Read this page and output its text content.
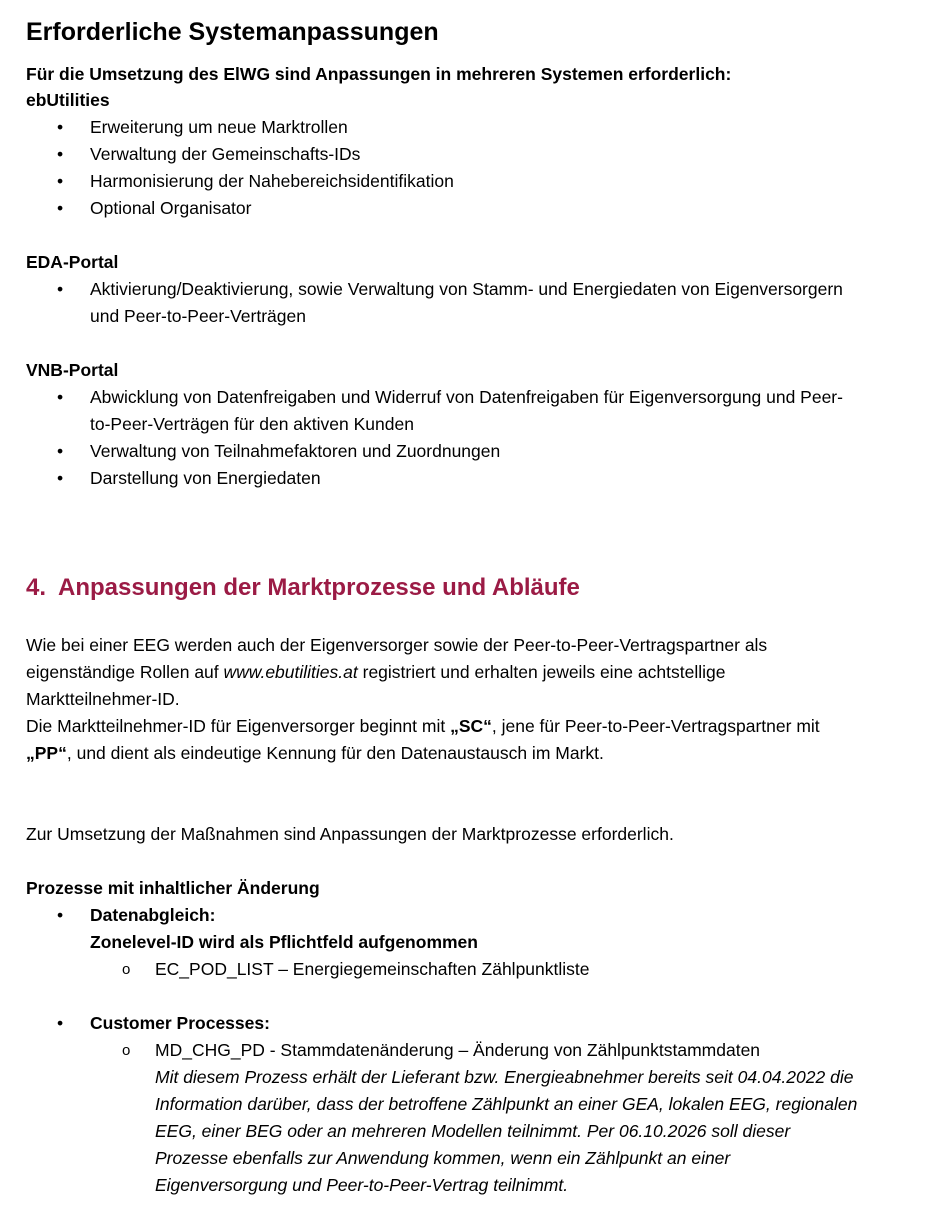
Erforderliche Systemanpassungen
Für die Umsetzung des ElWG sind Anpassungen in mehreren Systemen erforderlich:
ebUtilities
•
Erweiterung um neue Marktrollen
•
Verwaltung der Gemeinschafts-IDs
•
Harmonisierung der Nahebereichsidentifikation
•
Optional Organisator
EDA-Portal
•
Aktivierung/Deaktivierung, sowie Verwaltung von Stamm- und Energiedaten von Eigenversorgern
und Peer-to-Peer-Verträgen
VNB-Portal
•
Abwicklung von Datenfreigaben und Widerruf von Datenfreigaben für Eigenversorgung und Peer-
to-Peer-Verträgen für den aktiven Kunden
•
Verwaltung von Teilnahmefaktoren und Zuordnungen
•
Darstellung von Energiedaten
4. Anpassungen der Marktprozesse und Abläufe
Wie bei einer EEG werden auch der Eigenversorger sowie der Peer-to-Peer-Vertragspartner als
eigenständige Rollen auf www.ebutilities.at registriert und erhalten jeweils eine achtstellige
Marktteilnehmer-ID.
Die Marktteilnehmer-ID für Eigenversorger beginnt mit „SC“, jene für Peer-to-Peer-Vertragspartner mit
„PP“, und dient als eindeutige Kennung für den Datenaustausch im Markt.
Zur Umsetzung der Maßnahmen sind Anpassungen der Marktprozesse erforderlich.
Prozesse mit inhaltlicher Änderung
•
Datenabgleich:
Zonelevel-ID wird als Pflichtfeld aufgenommen
o EC_POD_LIST – Energiegemeinschaften Zählpunktliste
•
Customer Processes:
o MD_CHG_PD - Stammdatenänderung – Änderung von Zählpunktstammdaten
Mit diesem Prozess erhält der Lieferant bzw. Energieabnehmer bereits seit 04.04.2022 die
Information darüber, dass der betroffene Zählpunkt an einer GEA, lokalen EEG, regionalen
EEG, einer BEG oder an mehreren Modellen teilnimmt. Per 06.10.2026 soll dieser
Prozesse ebenfalls zur Anwendung kommen, wenn ein Zählpunkt an einer
Eigenversorgung und Peer-to-Peer-Vertrag teilnimmt.
